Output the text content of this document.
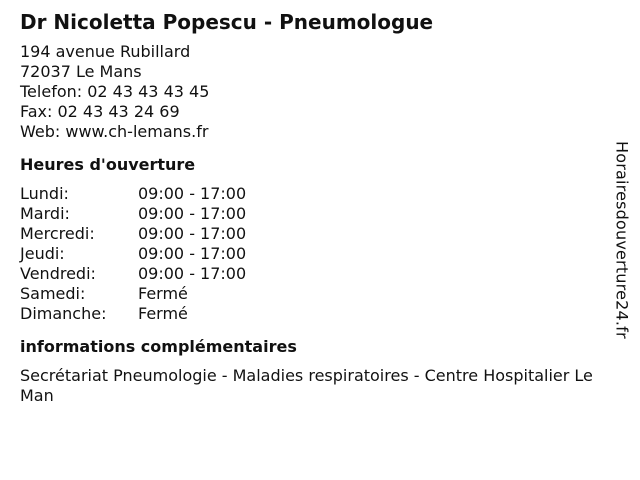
Dr Nicoletta Popescu - Pneumologue
194 avenue Rubillard
72037 Le Mans
Telefon: 02 43 43 43 45
Fax: 02 43 43 24 69
Web: www.ch-lemans.fr
Heures d'ouverture
Lundi:	09:00 - 17:00
Mardi:	09:00 - 17:00
Mercredi:	09:00 - 17:00
Jeudi:	09:00 - 17:00
Vendredi:	09:00 - 17:00
Samedi:	Fermé
Dimanche:	Fermé
informations complémentaires
Secrétariat Pneumologie - Maladies respiratoires - Centre Hospitalier Le Man
Horairesdouverture24.fr
